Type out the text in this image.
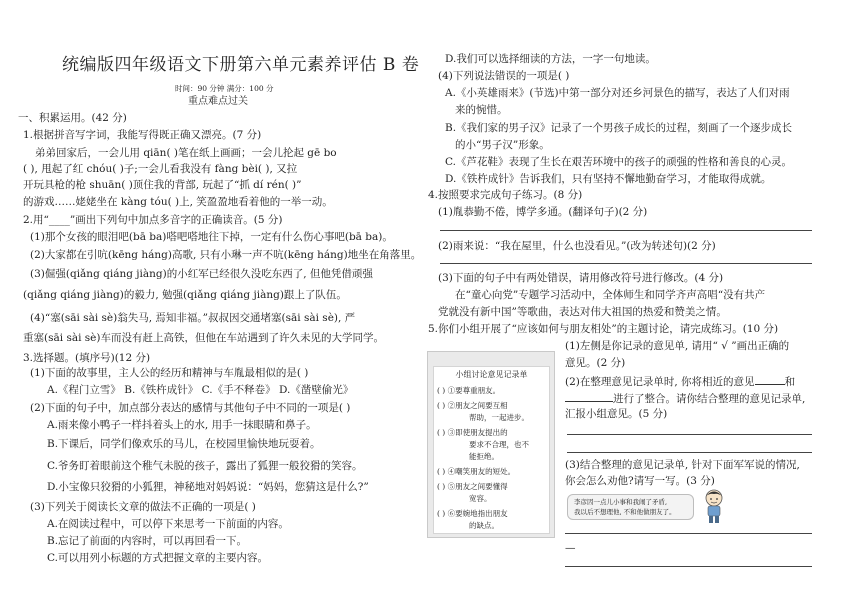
统编版四年级语文下册第六单元素养评估 B 卷
时间：90 分钟 满分：100 分
重点难点过关
一、积累运用。(42 分)
1.根据拼音写字词，我能写得既正确又漂亮。(7 分)
弟弟回家后，一会儿用 qiān( )笔在纸上画画；一会儿抡起 gē bo
( ), 甩起了红 chóu( )子;一会儿看我没有 fàng bèi( ), 又拉
开玩具枪的枪 shuān( )顶住我的背部, 玩起了“抓 dí rén( )”
的游戏……姥姥坐在 kàng tóu( )上, 笑盈盈地看着他的一举一动。
2.用“____”画出下列句中加点多音字的正确读音。(5 分)
(1)那个女孩的眼泪吧(bā ba)嗒吧嗒地往下掉，一定有什么伤心事吧(bā ba)。
(2)大家都在引吭(kēng háng)高歌, 只有小琳一声不吭(kēng háng)地坐在角落里。
(3)倔强(qiǎng qiáng jiàng)的小红军已经很久没吃东西了, 但他凭借顽强
(qiǎng qiáng jiàng)的毅力, 勉强(qiǎng qiáng jiàng)跟上了队伍。
(4)“塞(sāi sài sè)翁失马, 焉知非福。”叔叔因交通堵塞(sāi sài sè), 严
重塞(sāi sài sè)车而没有赶上高铁，但他在车站遇到了许久未见的大学同学。
3.选择题。(填序号)(12 分)
(1)下面的故事里，主人公的经历和精神与车胤最相似的是( )
A.《程门立雪》 B.《铁杵成针》 C.《手不释卷》 D.《凿壁偷光》
(2)下面的句子中，加点部分表达的感情与其他句子中不同的一项是( )
A.雨来像小鸭子一样抖着头上的水, 用手一抹眼睛和鼻子。
B.下课后，同学们像欢乐的马儿，在校园里愉快地玩耍着。
C.爷务盯着眼前这个稚气未脱的孩子，露出了狐狸一般狡猾的笑容。
D.小宝像只狡猾的小狐狸，神秘地对妈妈说：“妈妈，您猜这是什么?”
(3)下列关于阅读长文章的做法不正确的一项是( )
A.在阅读过程中，可以停下来思考一下前面的内容。
B.忘记了前面的内容时，可以再回看一下。
C.可以用列小标题的方式把握文章的主要内容。
D.我们可以选择细读的方法，一字一句地读。
(4)下列说法错误的一项是( )
A.《小英雄雨来》(节选)中第一部分对还乡河景色的描写，表达了人们对雨
来的惋惜。
B.《我们家的男子汉》记录了一个男孩子成长的过程，刻画了一个逐步成长
的小“男子汉”形象。
C.《芦花鞋》表现了生长在艰苦环境中的孩子的顽强的性格和善良的心灵。
D.《铁杵成针》告诉我们，只有坚持不懈地勤奋学习，才能取得成就。
4.按照要求完成句子练习。(8 分)
(1)胤恭勤不倦，博学多通。(翻译句子)(2 分)
(2)雨来说：“我在屋里，什么也没看见。”(改为转述句)(2 分)
(3)下面的句子中有两处错误，请用修改符号进行修改。(4 分)
在“童心向党”专题学习活动中，全体师生和同学齐声高唱“没有共产
党就没有新中国”等歌曲，表达对伟大祖国的热爱和赞美之情。
5.你们小组开展了“应该如何与朋友相处”的主题讨论，请完成练习。(10 分)
(1)左侧是你记录的意见单, 请用“ √ ”画出正确的
意见。(2 分)
(2)在整理意见记录单时, 你将相近的意见	和
进行了整合。请你结合整理的意见记录单,
汇报小组意见。(5 分)
(3)结合整理的意见记录单, 针对下面军军说的情况,
你会怎么劝他?请写一写。(3 分)
李彦因一点儿小事和我闹了矛盾,
我以后不想理他, 不和他做朋友了。
—
小组讨论意见记录单
( ) ①要尊重朋友。
( ) ②朋友之间要互相
帮助，一起进步。
( ) ③即使朋友提出的
要求不合理，也不
能拒绝。
( ) ④嘲笑朋友的短处。
( ) ⑤朋友之间要懂得
宽容。
( ) ⑥要婉地指出朋友
的缺点。
